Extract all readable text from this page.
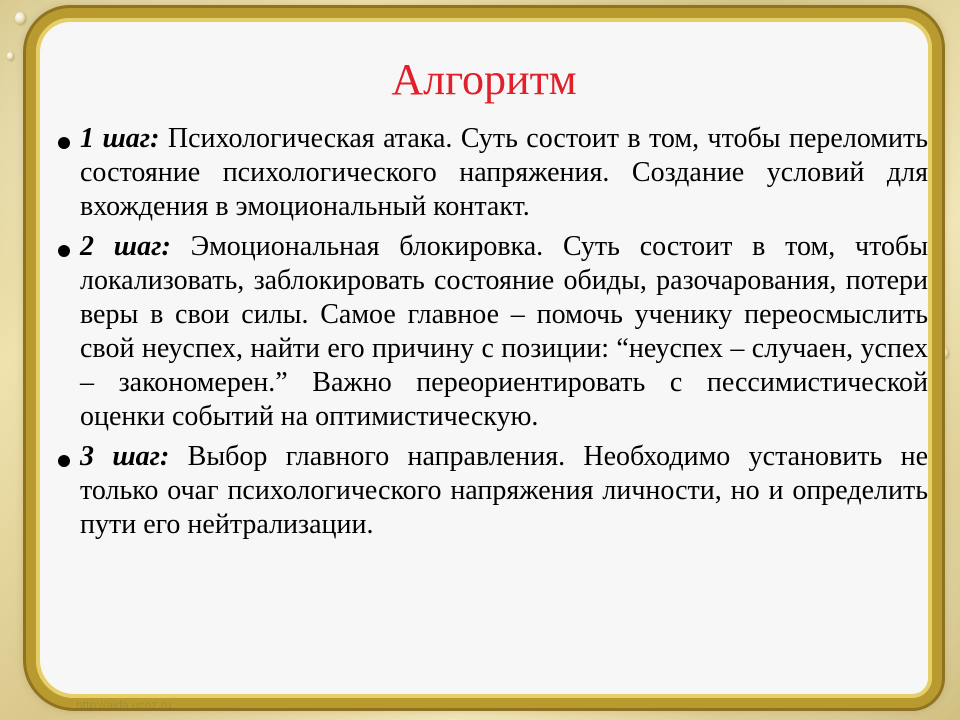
Алгоритм
1 шаг: Психологическая атака. Суть состоит в том, чтобы переломить состояние психологического напряжения. Создание условий для вхождения в эмоциональный контакт.
2 шаг: Эмоциональная блокировка. Суть состоит в том, чтобы локализовать, заблокировать состояние обиды, разочарования, потери веры в свои силы. Самое главное – помочь ученику переосмыслить свой неуспех, найти его причину с позиции: “неуспех – случаен, успех – закономерен.” Важно переориентировать с пессимистической оценки событий на оптимистическую.
3 шаг: Выбор главного направления. Необходимо установить не только очаг психологического напряжения личности, но и определить пути его нейтрализации.
http://aida.ucoz.ru
